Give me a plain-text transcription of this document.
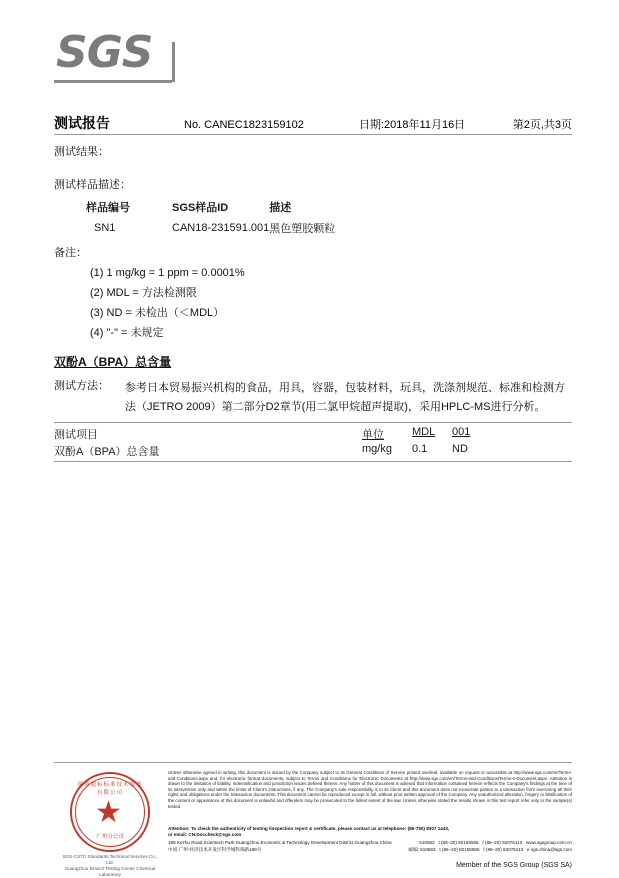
SGS
测试报告	No. CANEC1823159102	日期:2018年11月16日	第2页,共3页
测试结果：
测试样品描述：
样品编号	SGS样品ID	描述
SN1	CAN18-231591.001	黑色塑胶颗粒
备注：
(1) 1 mg/kg = 1 ppm = 0.0001%
(2) MDL = 方法检测限
(3) ND = 未检出（＜MDL）
(4) "-" = 未规定
双酚A（BPA）总含量
测试方法： 参考日本贸易振兴机构的食品，用具，容器，包装材料，玩具，洗涤剂规范、标准和检测方
法（JETRO 2009）第二部分D2章节(用二氯甲烷超声提取)，采用HPLC-MS进行分析。
测试项目	单位	MDL 001
双酚A（BPA）总含量	mg/kg 0.1 ND
深圳通标标准技术服务有限公司
广州分公司
SGS-CSTC Standards Technical Services Co., Ltd.
Guangzhou Branch Testing Center Chemical Laboratory
Unless otherwise agreed in writing, this document is issued by the Company subject to its General Conditions of Service printed overleaf, available on request or accessible at http://www.sgs.com/en/Terms-and-Conditions.aspx and, for electronic format documents, subject to Terms and Conditions for Electronic Documents at http://www.sgs.com/en/Terms-and-Conditions/Terms-e-Document.aspx. Attention is drawn to the limitation of liability, indemnification and jurisdiction issues defined therein. Any holder of this document is advised that information contained hereon reflects the Company's findings at the time of its intervention only and within the limits of Client's instructions, if any. The Company's sole responsibility is to its Client and this document does not exonerate parties to a transaction from exercising all their rights and obligations under the transaction documents. This document cannot be reproduced except in full, without prior written approval of the Company. Any unauthorized alteration, forgery or falsification of the content or appearance of this document is unlawful and offenders may be prosecuted to the fullest extent of the law. Unless otherwise stated the results shown in this test report refer only to the sample(s) tested.
Attention: To check the authenticity of testing /inspection report & certificate, please contact us at telephone: (86-755) 8307 1443,
or email: CN.Doccheck@sgs.com
198 Kezhu Road,Scientech Park Guangzhou Economic & Technology Development District,Guangzhou,China	510663 t (86–20) 82155555 f (86–20) 82075113 www.sgsgroup.com.cn
中国·广州·经济技术开发区科学城科珠路198号	邮编: 510663 t (86–20) 82155555 f (86–20) 82075113 e sgs.china@sgs.com
Member of the SGS Group (SGS SA)
